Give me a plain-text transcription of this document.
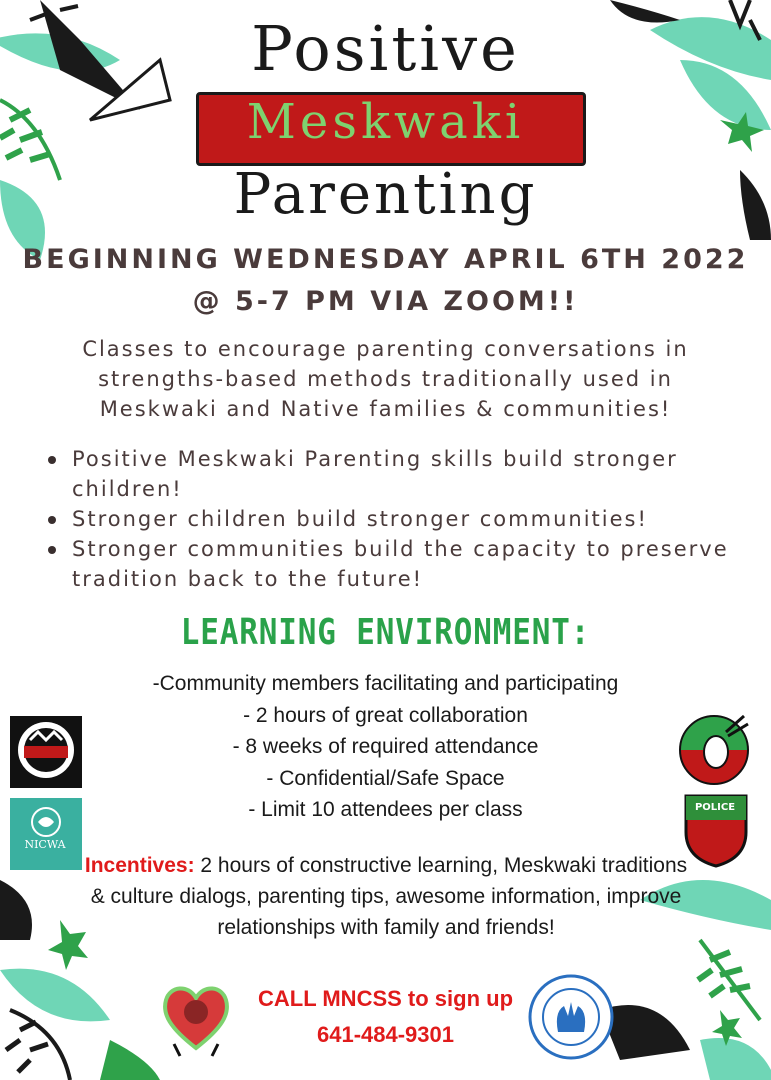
Positive
Meskwaki
Parenting
BEGINNING WEDNESDAY APRIL 6TH 2022
@ 5-7 PM VIA ZOOM!!
Classes to encourage parenting conversations in
strengths-based methods traditionally used in
Meskwaki and Native families & communities!
Positive Meskwaki Parenting skills build stronger children!
Stronger children build stronger communities!
Stronger communities build the capacity to preserve tradition back to the future!
LEARNING ENVIRONMENT:
-Community members facilitating and participating
- 2 hours of great collaboration
- 8 weeks of required attendance
- Confidential/Safe Space
- Limit 10 attendees per class
Incentives: 2 hours of constructive learning, Meskwaki traditions & culture dialogs, parenting tips, awesome information, improve relationships with family and friends!
CALL MNCSS to sign up
641-484-9301
NICWA
POLICE
